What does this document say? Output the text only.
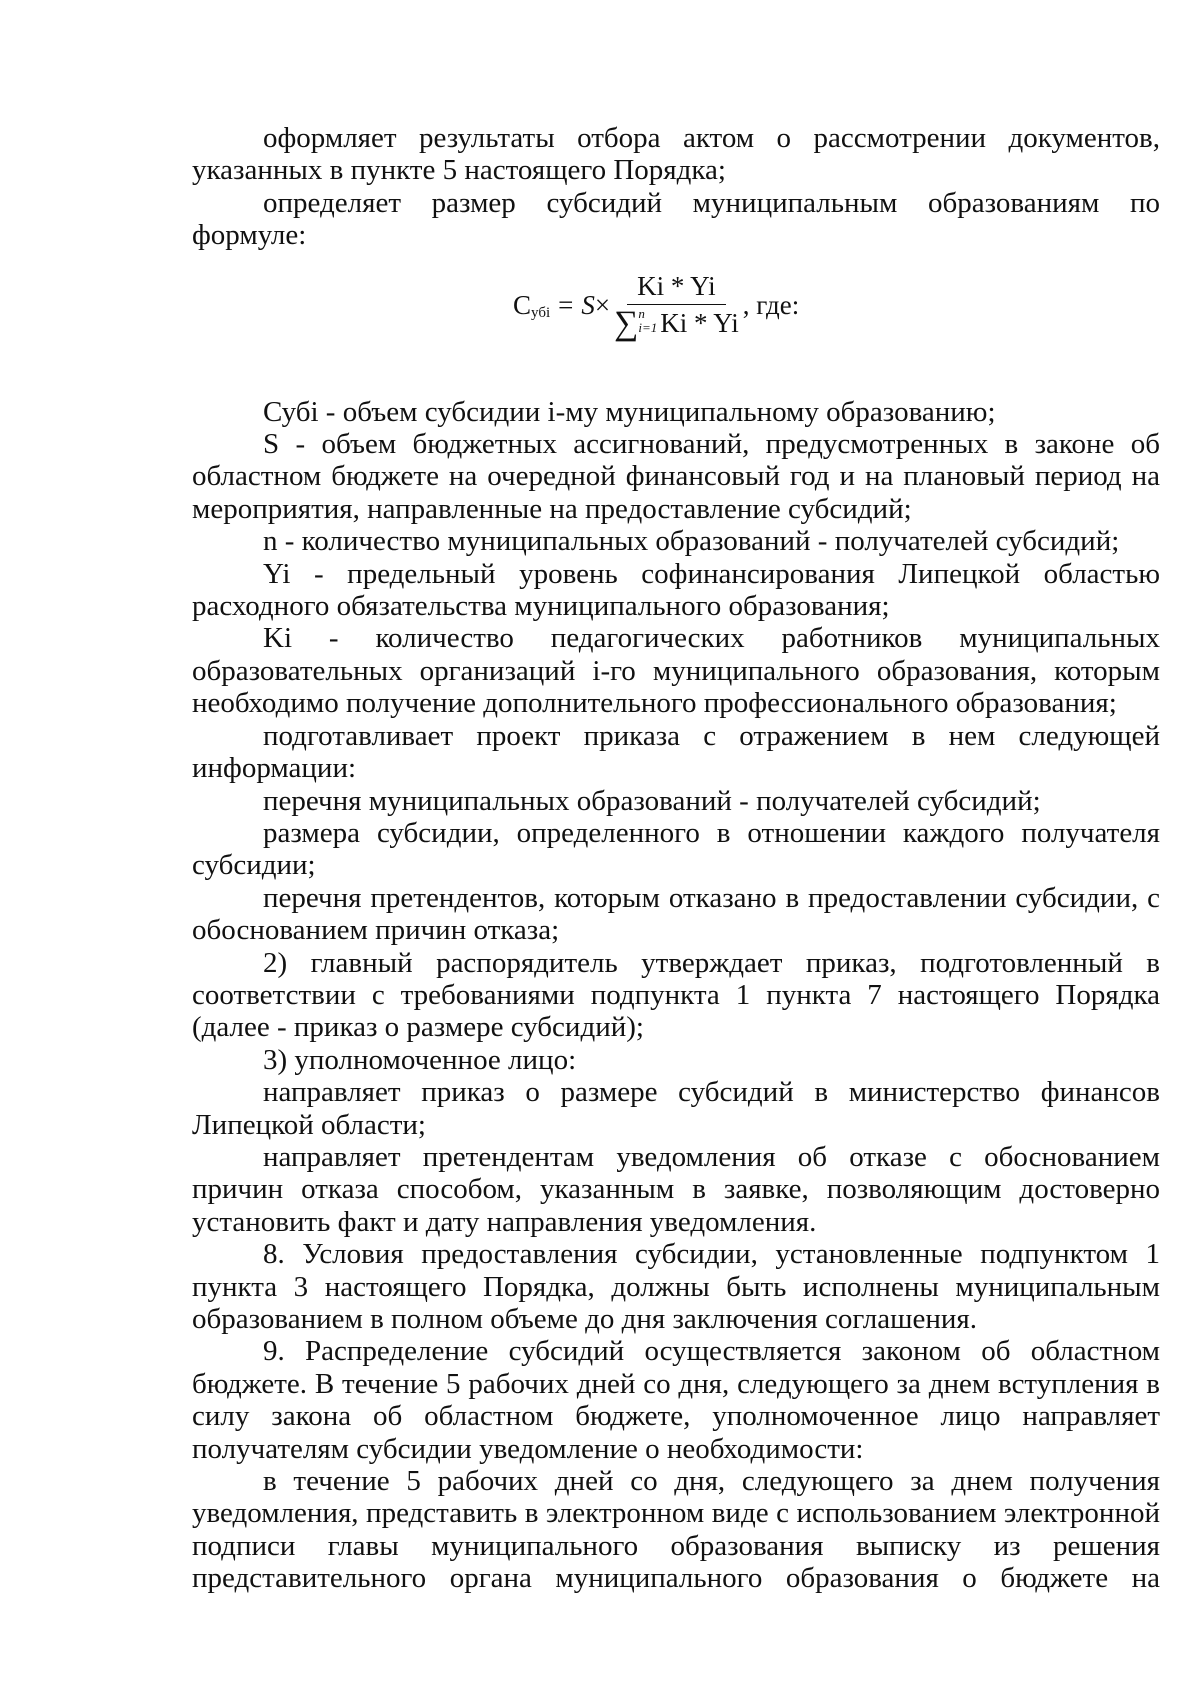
оформляет результаты отбора актом о рассмотрении документов, указанных в пункте 5 настоящего Порядка;

определяет размер субсидий муниципальным образованиям по формуле:

С убi = S ×
Ki * Yi
∑ n
i=1 Ki * Yi
, где:

Субi - объем субсидии i-му муниципальному образованию;

S - объем бюджетных ассигнований, предусмотренных в законе об областном бюджете на очередной финансовый год и на плановый период на мероприятия, направленные на предоставление субсидий;

n - количество муниципальных образований - получателей субсидий;

Yi - предельный уровень софинансирования Липецкой областью расходного обязательства муниципального образования;

Ki - количество педагогических работников муниципальных образовательных организаций i-го муниципального образования, которым необходимо получение дополнительного профессионального образования;

подготавливает проект приказа с отражением в нем следующей информации:

перечня муниципальных образований - получателей субсидий;

размера субсидии, определенного в отношении каждого получателя субсидии;

перечня претендентов, которым отказано в предоставлении субсидии, с обоснованием причин отказа;

2) главный распорядитель утверждает приказ, подготовленный в соответствии с требованиями подпункта 1 пункта 7 настоящего Порядка (далее - приказ о размере субсидий);

3) уполномоченное лицо:

направляет приказ о размере субсидий в министерство финансов Липецкой области;

направляет претендентам уведомления об отказе с обоснованием причин отказа способом, указанным в заявке, позволяющим достоверно установить факт и дату направления уведомления.

8. Условия предоставления субсидии, установленные подпунктом 1 пункта 3 настоящего Порядка, должны быть исполнены муниципальным образованием в полном объеме до дня заключения соглашения.

9. Распределение субсидий осуществляется законом об областном бюджете. В течение 5 рабочих дней со дня, следующего за днем вступления в силу закона об областном бюджете, уполномоченное лицо направляет получателям субсидии уведомление о необходимости:

в течение 5 рабочих дней со дня, следующего за днем получения уведомления, представить в электронном виде с использованием электронной подписи главы муниципального образования выписку из решения представительного органа муниципального образования о бюджете на
